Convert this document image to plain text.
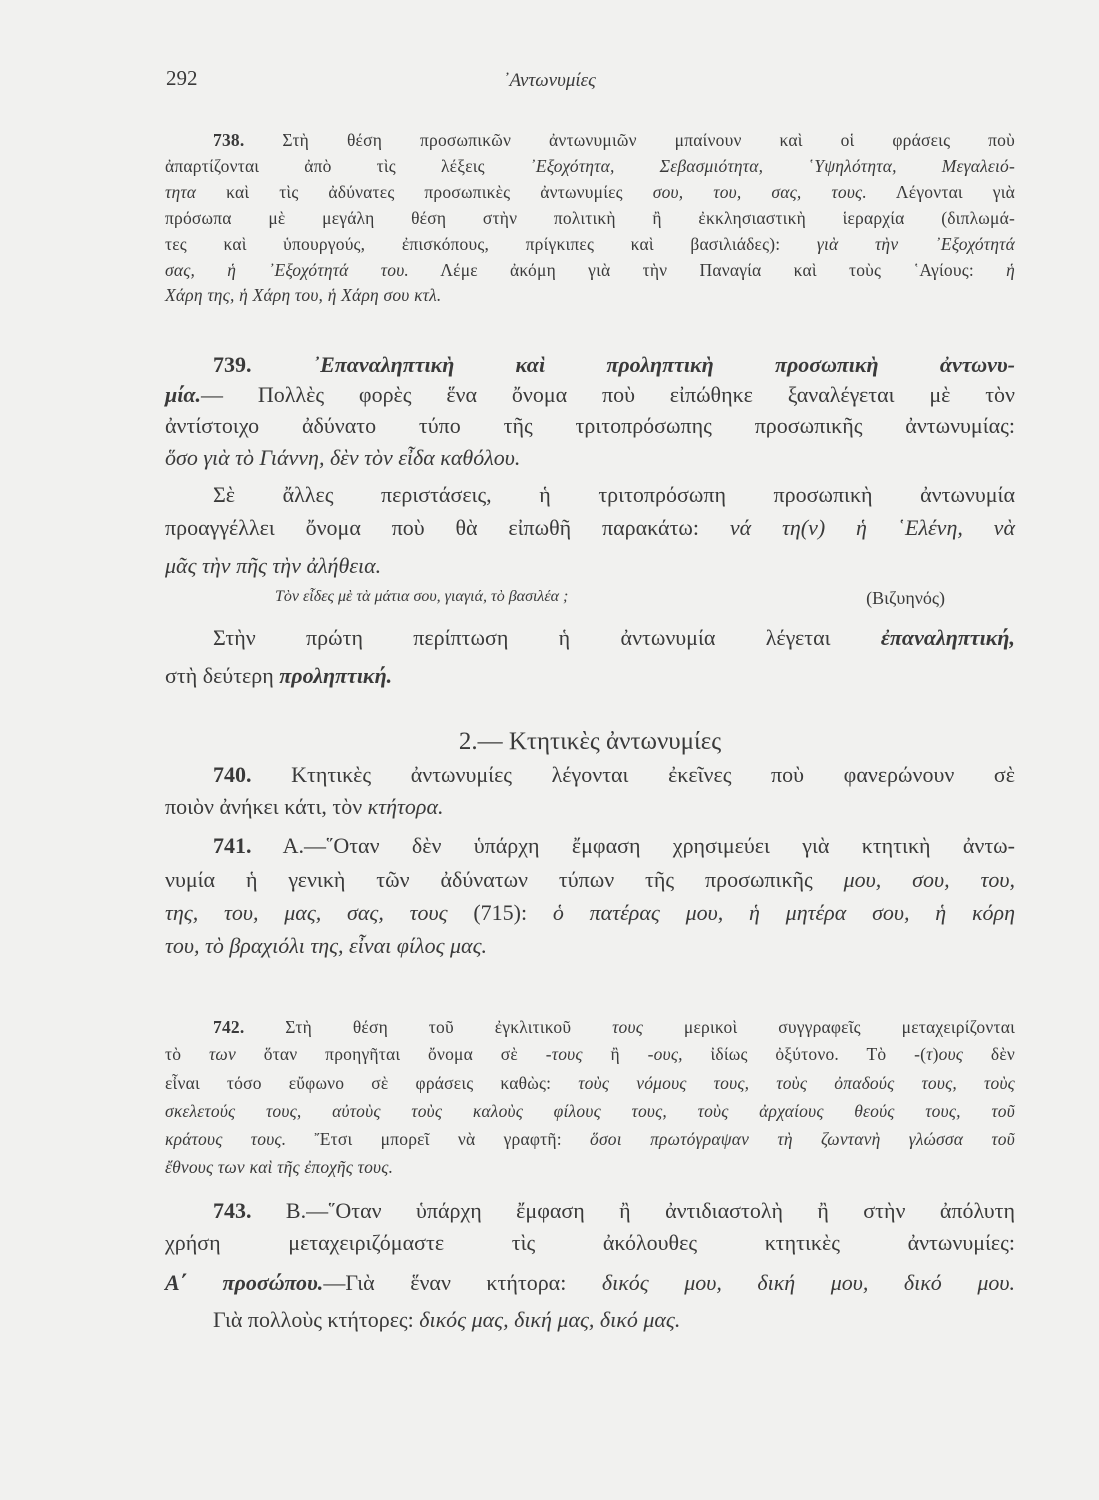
292	᾿Αντωνυμίες
738. Στὴ θέση προσωπικῶν ἀντωνυμιῶν μπαίνουν καὶ οἱ φράσεις ποὺ
ἀπαρτίζονται ἀπὸ τὶς λέξεις ᾿Εξοχότητα, Σεβασμιότητα, ῾Υψηλότητα, Μεγαλειό-
τητα καὶ τὶς ἀδύνατες προσωπικὲς ἀντωνυμίες σου, του, σας, τους. Λέγονται γιὰ
πρόσωπα μὲ μεγάλη θέση στὴν πολιτικὴ ἢ ἐκκλησιαστικὴ ἱεραρχία (διπλωμά-
τες καὶ ὑπουργούς, ἐπισκόπους, πρίγκιπες καὶ βασιλιάδες): γιὰ τὴν ᾿Εξοχότητά
σας, ἡ ᾿Εξοχότητά του. Λέμε ἀκόμη γιὰ τὴν Παναγία καὶ τοὺς ῾Αγίους: ἡ
Χάρη της, ἡ Χάρη του, ἡ Χάρη σου κτλ.
739. ᾿Επαναληπτικὴ καὶ προληπτικὴ προσωπικὴ ἀντωνυ-
μία.— Πολλὲς φορὲς ἕνα ὄνομα ποὺ εἰπώθηκε ξαναλέγεται μὲ τὸν
ἀντίστοιχο ἀδύνατο τύπο τῆς τριτοπρόσωπης προσωπικῆς ἀντωνυμίας:
ὅσο γιὰ τὸ Γιάννη, δὲν τὸν εἶδα καθόλου.
Σὲ ἄλλες περιστάσεις, ἡ τριτοπρόσωπη προσωπικὴ ἀντωνυμία
προαγγέλλει ὄνομα ποὺ θὰ εἰπωθῆ παρακάτω: νά τη(ν) ἡ ῾Ελένη, νὰ
μᾶς τὴν πῆς τὴν ἀλήθεια.
Στὴν πρώτη περίπτωση ἡ ἀντωνυμία λέγεται ἐπαναληπτική,
στὴ δεύτερη προληπτική.
2.— Κτητικὲς ἀντωνυμίες
740. Κτητικὲς ἀντωνυμίες λέγονται ἐκεῖνες ποὺ φανερώνουν σὲ
ποιὸν ἀνήκει κάτι, τὸν κτήτορα.
741. Α.—῞Οταν δὲν ὑπάρχη ἔμφαση χρησιμεύει γιὰ κτητικὴ ἀντω-
νυμία ἡ γενικὴ τῶν ἀδύνατων τύπων τῆς προσωπικῆς μου, σου, του,
της, του, μας, σας, τους (715): ὁ πατέρας μου, ἡ μητέρα σου, ἡ κόρη
του, τὸ βραχιόλι της, εἶναι φίλος μας.
742. Στὴ θέση τοῦ ἐγκλιτικοῦ τους μερικοὶ συγγραφεῖς μεταχειρίζονται
τὸ των ὅταν προηγῆται ὄνομα σὲ -τους ἢ -ους, ἰδίως ὀξύτονο. Τὸ -(τ)ους δὲν
εἶναι τόσο εὔφωνο σὲ φράσεις καθὼς: τοὺς νόμους τους, τοὺς ὀπαδούς τους, τοὺς
σκελετούς τους, αὐτοὺς τοὺς καλοὺς φίλους τους, τοὺς ἀρχαίους θεούς τους, τοῦ
κράτους τους. Ἔτσι μπορεῖ νὰ γραφτῆ: ὅσοι πρωτόγραψαν τὴ ζωντανὴ γλώσσα τοῦ
ἔθνους των καὶ τῆς ἐποχῆς τους.
743. Β.—῞Οταν ὑπάρχη ἔμφαση ἢ ἀντιδιαστολὴ ἢ στὴν ἀπόλυτη
χρήση μεταχειριζόμαστε τὶς ἀκόλουθες κτητικὲς ἀντωνυμίες:
Α΄ προσώπου.—Γιὰ ἕναν κτήτορα: δικός μου, δική μου, δικό μου.
Γιὰ πολλοὺς κτήτορες: δικός μας, δική μας, δικό μας.
Τὸν εἶδες μὲ τὰ μάτια σου, γιαγιά, τὸ βασιλέα ;	(Βιζυηνός)
